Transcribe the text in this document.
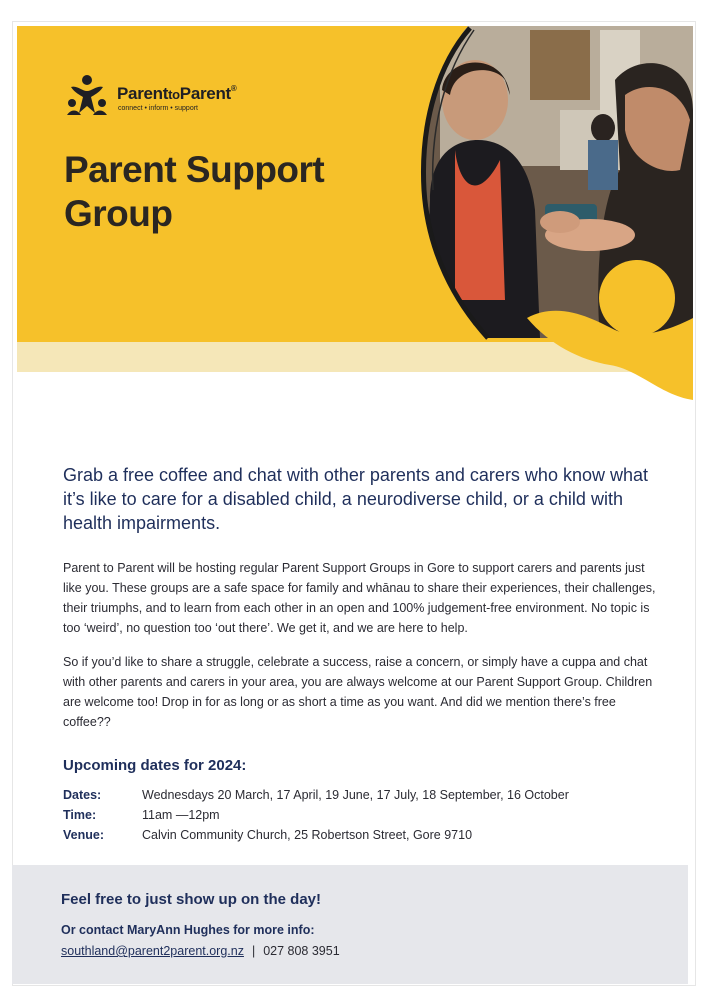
ParenttoParent®
connect • inform • support
Parent Support
Group

Grab a free coffee and chat with other parents and carers who know what it’s like to care for a disabled child, a neurodiverse child, or a child with health impairments.

Parent to Parent will be hosting regular Parent Support Groups in Gore to support carers and parents just like you. These groups are a safe space for family and whānau to share their experiences, their challenges, their triumphs, and to learn from each other in an open and 100% judgement-free environment. No topic is too ‘weird’, no question too ‘out there’. We get it, and we are here to help.

So if you’d like to share a struggle, celebrate a success, raise a concern, or simply have a cuppa and chat with other parents and carers in your area, you are always welcome at our Parent Support Group. Children are welcome too! Drop in for as long or as short a time as you want. And did we mention there’s free coffee??

Upcoming dates for 2024:
Dates:	Wednesdays 20 March, 17 April, 19 June, 17 July, 18 September, 16 October
Time:	11am —12pm
Venue:	Calvin Community Church, 25 Robertson Street, Gore 9710
Feel free to just show up on the day!
Or contact MaryAnn Hughes for more info:
southland@parent2parent.org.nz | 027 808 3951
